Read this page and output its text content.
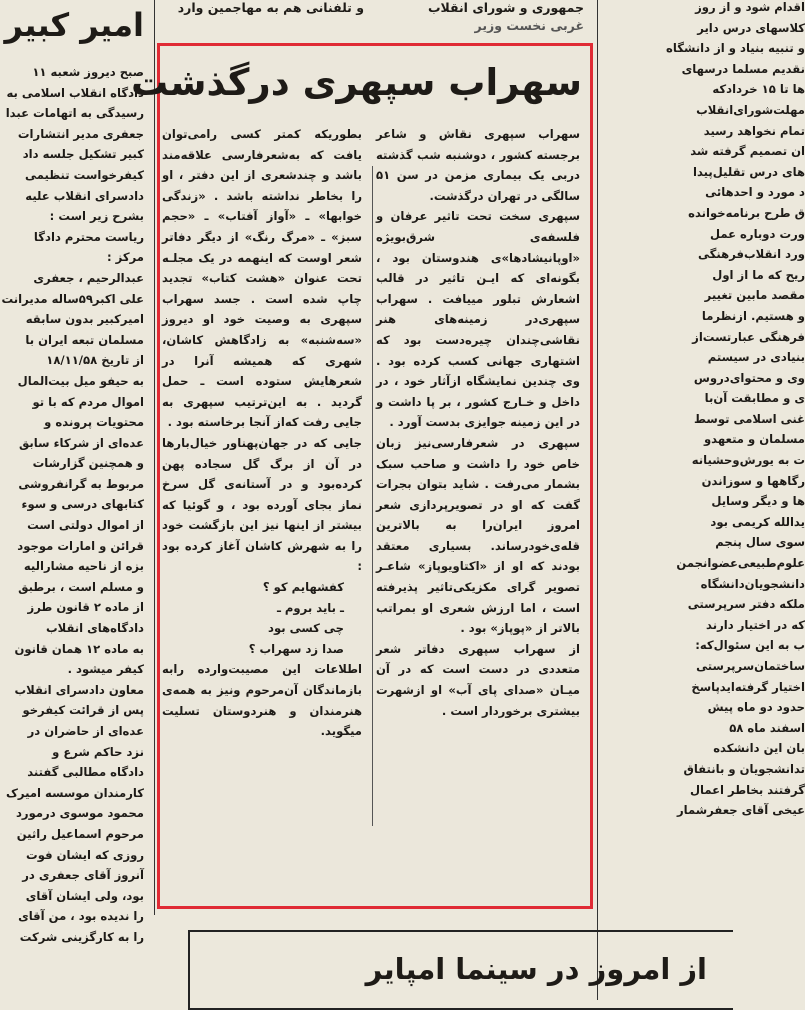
جمهوری و شورای انقلاب
و تلفنانی هم به مهاجمین وارد
غربی نخست وزیر
امیر کبیر
صبح دیروز شعبه ۱۱
دادگاه انقلاب اسلامی به
رسیدگی به اتهامات عبدا
جعفری مدیر انتشارات
کبیر تشکیل جلسه داد
کیفرخواست تنظیمی
دادسرای انقلاب علیه
بشرح زیر است :
ریاست محترم دادگا
مرکز :
عبدالرحیم ، جعفری
علی اکبر۵۹ساله مدیرانت
امیرکبیر بدون سابقه
مسلمان تبعه ایران با
از تاریخ ۱۸/۱۱/۵۸
به حیفو میل بیت‌المال
اموال مردم که با تو
محتویات پرونده و
عده‌ای از شرکاء سابق
و همچنین گزارشات
مربوط به گرانفروشی
کتابهای درسی و سوء
از اموال دولتی است
قرائن و امارات موجود
بزه از ناحیه مشارالیه
و مسلم است ، برطبق
از ماده ۲ قانون طرز
دادگاه‌های انقلاب
به ماده ۱۲ همان قانون
کیفر میشود .
معاون دادسرای انقلاب
پس از قرائت کیفرخو
عده‌ای از حاضران در
نزد حاکم شرع و
دادگاه مطالبی گفتند
کارمندان موسسه امیرک
محمود موسوی درمورد
مرحوم اسماعیل راثین
روزی که ایشان فوت
آنروز آقای جعفری در
بود، ولی ایشان آقای
را ندیده بود ، من آقای
را به کارگزینی شرکت
سهراب سپهری درگذشت

سهراب سپهری نقاش و شاعر برجسته کشور ، دوشنبه شب گذشته دربی یک بیماری مزمن در سن ۵۱ سالگی در تهران درگذشت.

سپهری سخت تحت تاثیر عرفان و فلسفه‌ی شرق‌بویژه «اوپانیشادها»ی هندوستان بود ، بگونه‌ای که ایـن تاثیر در قالب اشعارش تبلور مییافت . سهراب سپهری‌در زمینه‌های هنر نقاشی‌چندان چیره‌دست بود که اشتهاری جهانی کسب کرده بود . وی چندین نمایشگاه ازآثار خود ، در داخل و خـارج کشور ، بر پا داشت و در این زمینه جوایزی بدست آورد .

سپهری در شعرفارسی‌نیز زبان خاص خود را داشت و صاحب سبک بشمار می‌رفت . شاید بتوان بجرات گفت که او در تصویر‌پردازی شعر امروز ایران‌را به بالاترین قله‌ی‌خود‌رساند. بسیاری معتقد بودند که او از «اکتاویوپاز» شاعـر تصویر گرای مکزیکی‌تاثیر پذیرفته است ، اما ارزش شعری او بمراتب بالاتر از «پوپاز» بود .

از سهراب سپهری دفاتر شعر متعددی در دست است که در آن میـان «صدای پای آب» او ازشهرت بیشتری برخوردار است .

بطوریکه کمتر کسی را‌می‌توان یافت که به‌شعرفارسی علاقه‌مند باشد و چندشعری از این دفتر ، او را بخاطر نداشته باشد . «زندگی خوابها» ـ «آواز آفتاب» ـ «حجم سبز» ـ «مرگ رنگ» از دیگر دفاتر شعر اوست که اینهمه در یک مجلـه تحت عنوان «هشت کتاب» تجدید چاپ شده است . جسد سهراب سپهری به وصیت خود او دیروز «سه‌شنبه» به زادگاهش کاشان، شهری که همیشه آنرا در شعرهایش ستوده است ـ حمل گردید . به این‌ترتیب سپهری به جایی رفت که‌از آنجا برخاسته بود .

جایی که در جهان‌پهناور خیال‌بارها در آن از برگ گل سجاده پهن کرده‌بود و در آستانه‌ی گل سرخ نماز بجای آورده بود ، و گوئیا که بیشتر از اینها نیز این بازگشت خود را به شهرش کاشان آغاز کرده بود :

کفشهایم کو ؟
ـ باید بروم ـ
چی کسی بود
صدا زد سهراب ؟

اطلاعات این مصیبت‌وارده رابه بازماندگان آن‌مرحوم ونیز به همه‌ی هنرمندان و هنردوستان تسلیت میگوید.

اقدام شود و از روز
کلاسهای درس دایر
و تنبیه بنیاد و از دانشگاه
نقدیم مسلما درسهای
ها تا ۱۵ خردادکه
مهلت‌شورای‌انقلاب
تمام نخواهد رسید
ان تصمیم گرفته شد
های درس تقلیل‌پیدا
د مورد و احدهائی
ق طرح برنامه‌خوانده
ورت دوباره عمل
ورد انقلاب‌فرهنگی
ریح که ما از اول
مقصد مابین تغییر
و هستیم. ازنظرما
فرهنگی عبارتست‌از
بنیادی در سیستم
وی و محتوای‌دروس
ی و مطابقت آن‌با
غنی اسلامی توسط
مسلمان و متعهدو
ت به یورش‌وحشیانه
رگاهها و سوزاندن
ها و دیگر وسایل
یدالله کریمی بود
سوی سال پنجم
علوم‌طبیعی‌عضو‌انجمن
دانشجویان‌دانشگاه
ملکه دفتر سرپرستی
که در اختیار دارند
ب به این سئوال‌که:
ساختمان‌سرپرستی
اختیار گرفته‌اید‌پاسخ
حدود دو ماه پیش
اسفند ماه ۵۸
بان این دانشکده
تدانشجویان و بانتفاق
گرفتند بخاطر اعمال
عیخی آقای جعفرشمار
از امروز در سینما امپایر
